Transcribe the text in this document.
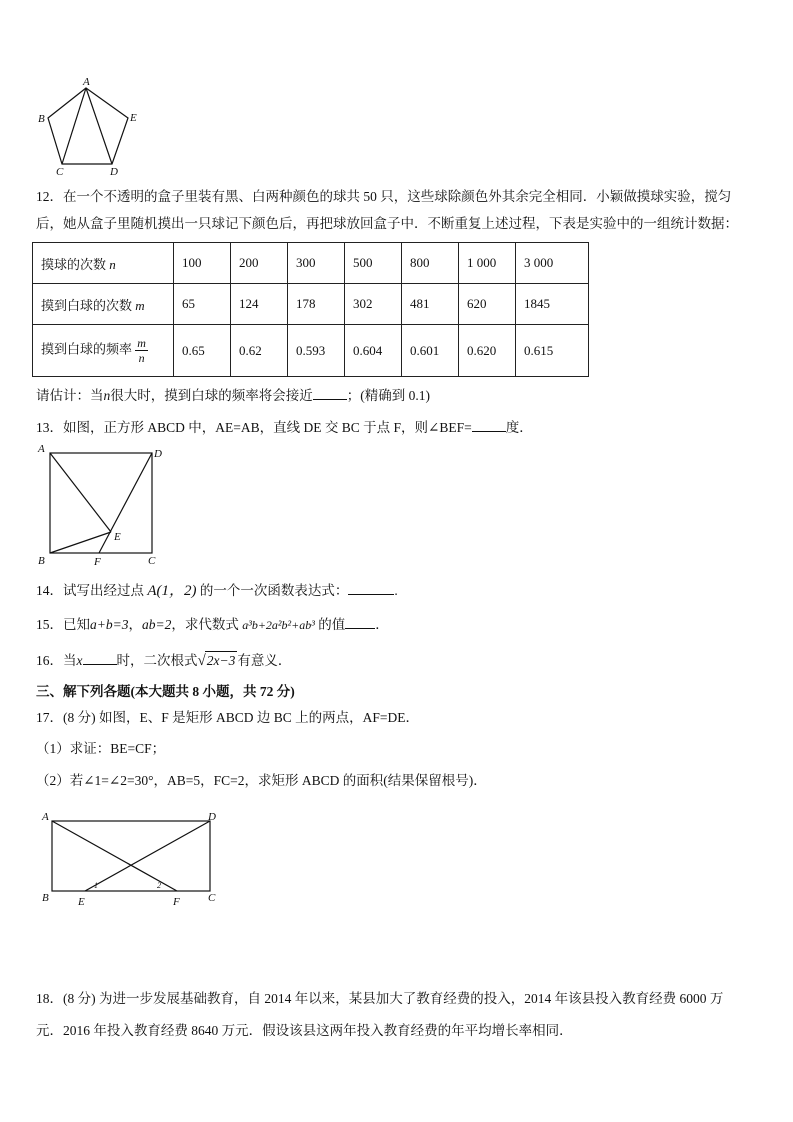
A
B
C	D
E
12．在一个不透明的盒子里装有黑、白两种颜色的球共 50 只，这些球除颜色外其余完全相同．小颖做摸球实验，搅匀
后，她从盒子里随机摸出一只球记下颜色后，再把球放回盒子中．不断重复上述过程，下表是实验中的一组统计数据：
摸球的次数 n	100	200	300	500	800	1 000	3 000
摸到白球的次数 m	65	124	178	302	481	620	1845
摸到白球的频率 $\frac{m}{n}$	0.65	0.62	0.593	0.604	0.601	0.620	0.615
请估计：当n很大时，摸到白球的频率将会接近	；(精确到 0.1)
13．如图，正方形 ABCD 中，AE=AB，直线 DE 交 BC 于点 F，则∠BEF=	度．
A	D
B	F	C
E
14．试写出经过点 A(1，2) 的一个一次函数表达式：	.
15．已知a+b=3，ab=2，求代数式 a³b+2a²b²+ab³ 的值 ．
16．当x	时，二次根式√2x−3 有意义．
三、解下列各题(本大题共 8 小题，共 72 分)
17．(8 分) 如图，E、F 是矩形 ABCD 边 BC 上的两点，AF=DE．
（1）求证：BE=CF；
（2）若∠1=∠2=30°，AB=5，FC=2，求矩形 ABCD 的面积(结果保留根号)．
A	D
B	E	F	C
1	2
18．(8 分) 为进一步发展基础教育，自 2014 年以来，某县加大了教育经费的投入，2014 年该县投入教育经费 6000 万
元．2016 年投入教育经费 8640 万元．假设该县这两年投入教育经费的年平均增长率相同．
